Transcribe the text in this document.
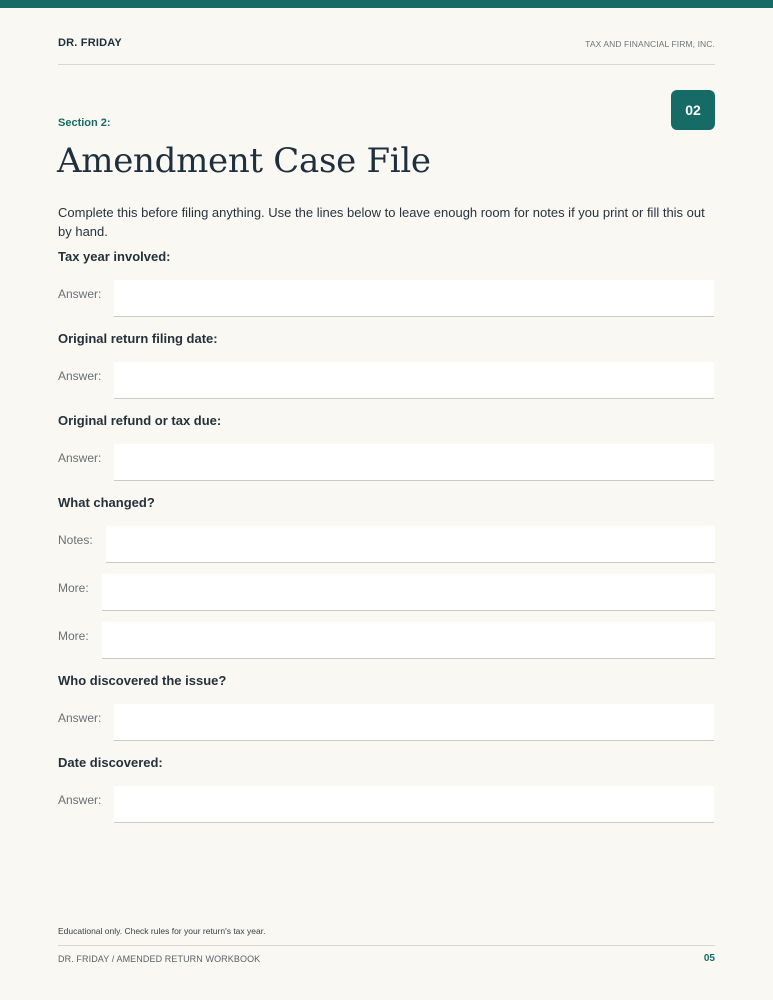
DR. FRIDAY	TAX AND FINANCIAL FIRM, INC.
Section 2:
02
Amendment Case File

Complete this before filing anything. Use the lines below to leave enough room for notes if you print or fill this out by hand.

Tax year involved:
Answer:
Original return filing date:
Answer:
Original refund or tax due:
Answer:
What changed?
Notes:
More:
More:
Who discovered the issue?
Answer:
Date discovered:
Answer:
Educational only. Check rules for your return's tax year.
DR. FRIDAY / AMENDED RETURN WORKBOOK	05
